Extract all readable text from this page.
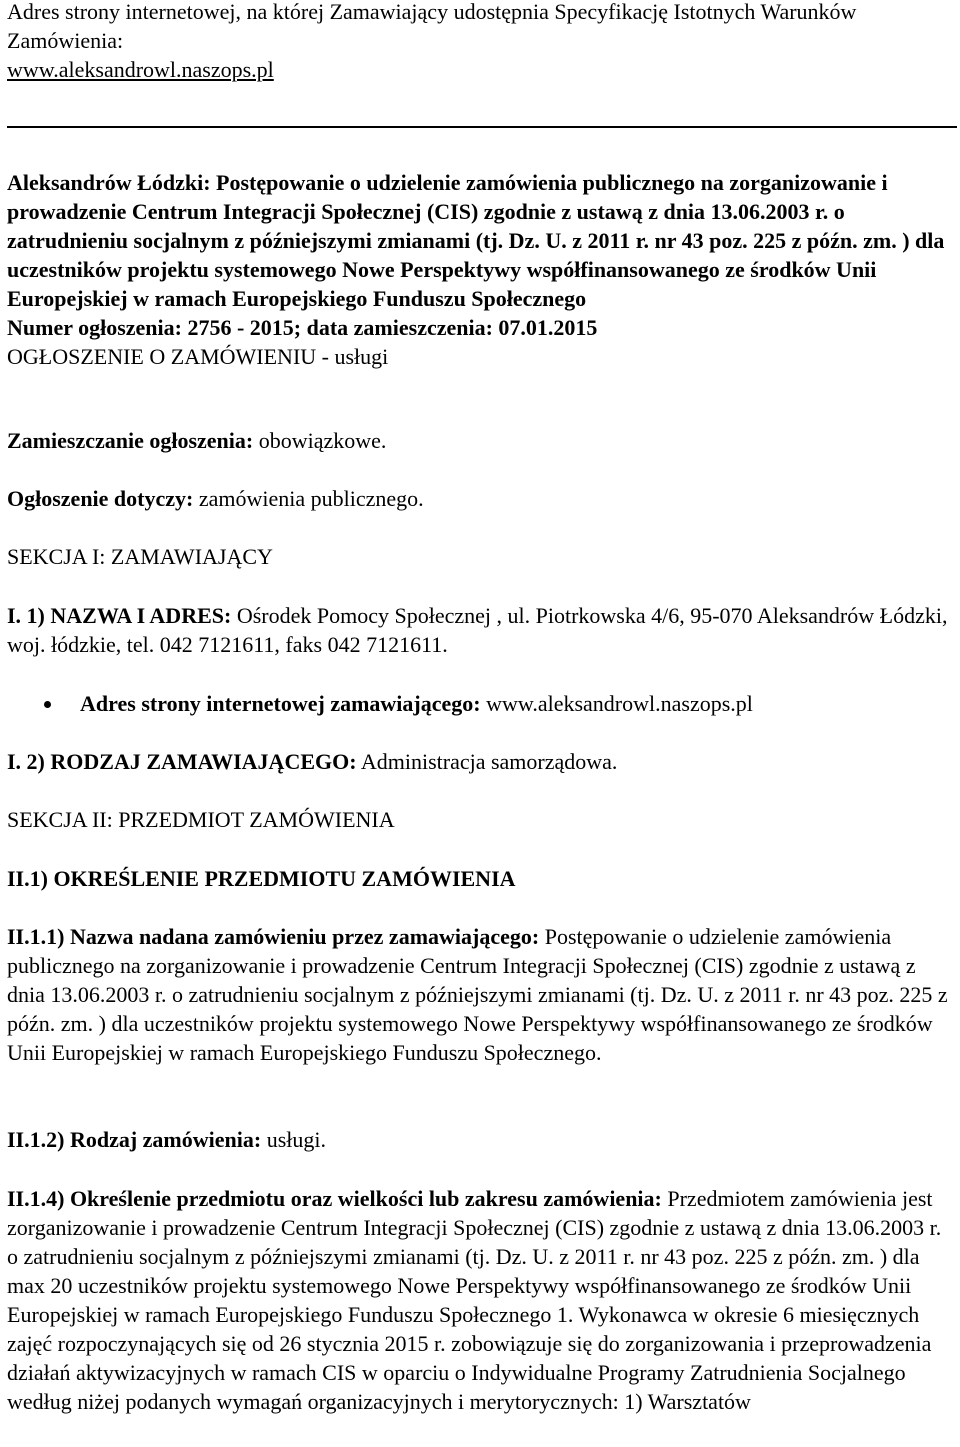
Adres strony internetowej, na której Zamawiający udostępnia Specyfikację Istotnych Warunków Zamówienia:
www.aleksandrowl.naszops.pl

Aleksandrów Łódzki: Postępowanie o udzielenie zamówienia publicznego na zorganizowanie i prowadzenie Centrum Integracji Społecznej (CIS) zgodnie z ustawą z dnia 13.06.2003 r. o zatrudnieniu socjalnym z późniejszymi zmianami (tj. Dz. U. z 2011 r. nr 43 poz. 225 z późn. zm. ) dla uczestników projektu systemowego Nowe Perspektywy współfinansowanego ze środków Unii Europejskiej w ramach Europejskiego Funduszu Społecznego
Numer ogłoszenia: 2756 - 2015; data zamieszczenia: 07.01.2015
OGŁOSZENIE O ZAMÓWIENIU - usługi

Zamieszczanie ogłoszenia: obowiązkowe.

Ogłoszenie dotyczy: zamówienia publicznego.

SEKCJA I: ZAMAWIAJĄCY

I. 1) NAZWA I ADRES: Ośrodek Pomocy Społecznej , ul. Piotrkowska 4/6, 95-070 Aleksandrów Łódzki, woj. łódzkie, tel. 042 7121611, faks 042 7121611.

Adres strony internetowej zamawiającego: www.aleksandrowl.naszops.pl

I. 2) RODZAJ ZAMAWIAJĄCEGO: Administracja samorządowa.

SEKCJA II: PRZEDMIOT ZAMÓWIENIA

II.1) OKREŚLENIE PRZEDMIOTU ZAMÓWIENIA

II.1.1) Nazwa nadana zamówieniu przez zamawiającego: Postępowanie o udzielenie zamówienia publicznego na zorganizowanie i prowadzenie Centrum Integracji Społecznej (CIS) zgodnie z ustawą z dnia 13.06.2003 r. o zatrudnieniu socjalnym z późniejszymi zmianami (tj. Dz. U. z 2011 r. nr 43 poz. 225 z późn. zm. ) dla uczestników projektu systemowego Nowe Perspektywy współfinansowanego ze środków Unii Europejskiej w ramach Europejskiego Funduszu Społecznego.

II.1.2) Rodzaj zamówienia: usługi.

II.1.4) Określenie przedmiotu oraz wielkości lub zakresu zamówienia: Przedmiotem zamówienia jest zorganizowanie i prowadzenie Centrum Integracji Społecznej (CIS) zgodnie z ustawą z dnia 13.06.2003 r. o zatrudnieniu socjalnym z późniejszymi zmianami (tj. Dz. U. z 2011 r. nr 43 poz. 225 z późn. zm. ) dla max 20 uczestników projektu systemowego Nowe Perspektywy współfinansowanego ze środków Unii Europejskiej w ramach Europejskiego Funduszu Społecznego 1. Wykonawca w okresie 6 miesięcznych zajęć rozpoczynających się od 26 stycznia 2015 r. zobowiązuje się do zorganizowania i przeprowadzenia działań aktywizacyjnych w ramach CIS w oparciu o Indywidualne Programy Zatrudnienia Socjalnego według niżej podanych wymagań organizacyjnych i merytorycznych: 1) Warsztatów
